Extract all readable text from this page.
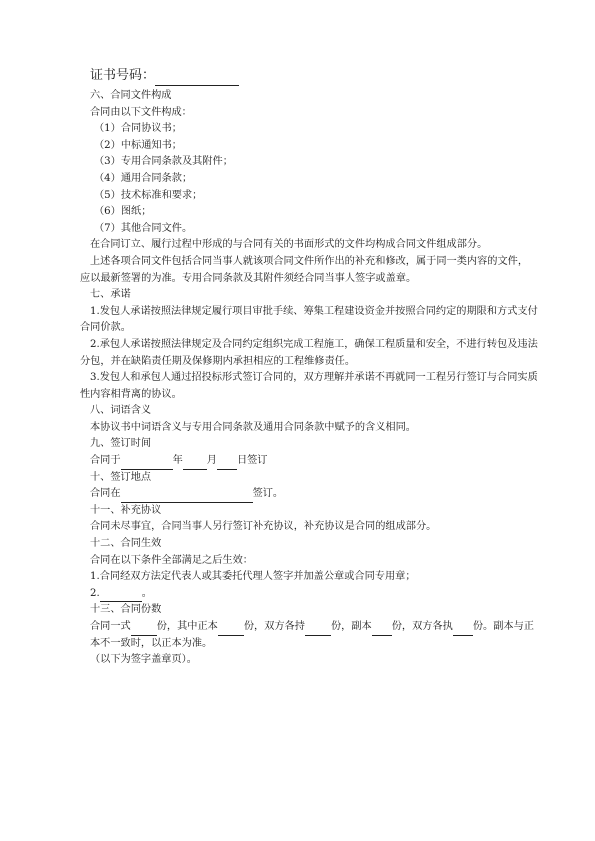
证书号码：

六、合同文件构成

合同由以下文件构成：

（1）合同协议书；

（2）中标通知书；

（3）专用合同条款及其附件；

（4）通用合同条款；

（5）技术标准和要求；

（6）图纸；

（7）其他合同文件。

在合同订立、履行过程中形成的与合同有关的书面形式的文件均构成合同文件组成部分。

上述各项合同文件包括合同当事人就该项合同文件所作出的补充和修改，属于同一类内容的文件，应以最新签署的为准。专用合同条款及其附件须经合同当事人签字或盖章。

七、承诺

1.发包人承诺按照法律规定履行项目审批手续、筹集工程建设资金并按照合同约定的期限和方式支付合同价款。

2.承包人承诺按照法律规定及合同约定组织完成工程施工，确保工程质量和安全，不进行转包及违法分包，并在缺陷责任期及保修期内承担相应的工程维修责任。

3.发包人和承包人通过招投标形式签订合同的，双方理解并承诺不再就同一工程另行签订与合同实质性内容相背离的协议。

八、词语含义

本协议书中词语含义与专用合同条款及通用合同条款中赋予的含义相同。

九、签订时间

合同于	年 月 日签订

十、签订地点

合同在	签订。

十一、补充协议

合同未尽事宜，合同当事人另行签订补充协议，补充协议是合同的组成部分。

十二、合同生效

合同在以下条件全部满足之后生效：

1.合同经双方法定代表人或其委托代理人签字并加盖公章或合同专用章；

2.	。

十三、合同份数

合同一式	份，其中正本	份，双方各持	份，副本 份，双方各执 份。副本与正本不一致时，以正本为准。

（以下为签字盖章页）。
